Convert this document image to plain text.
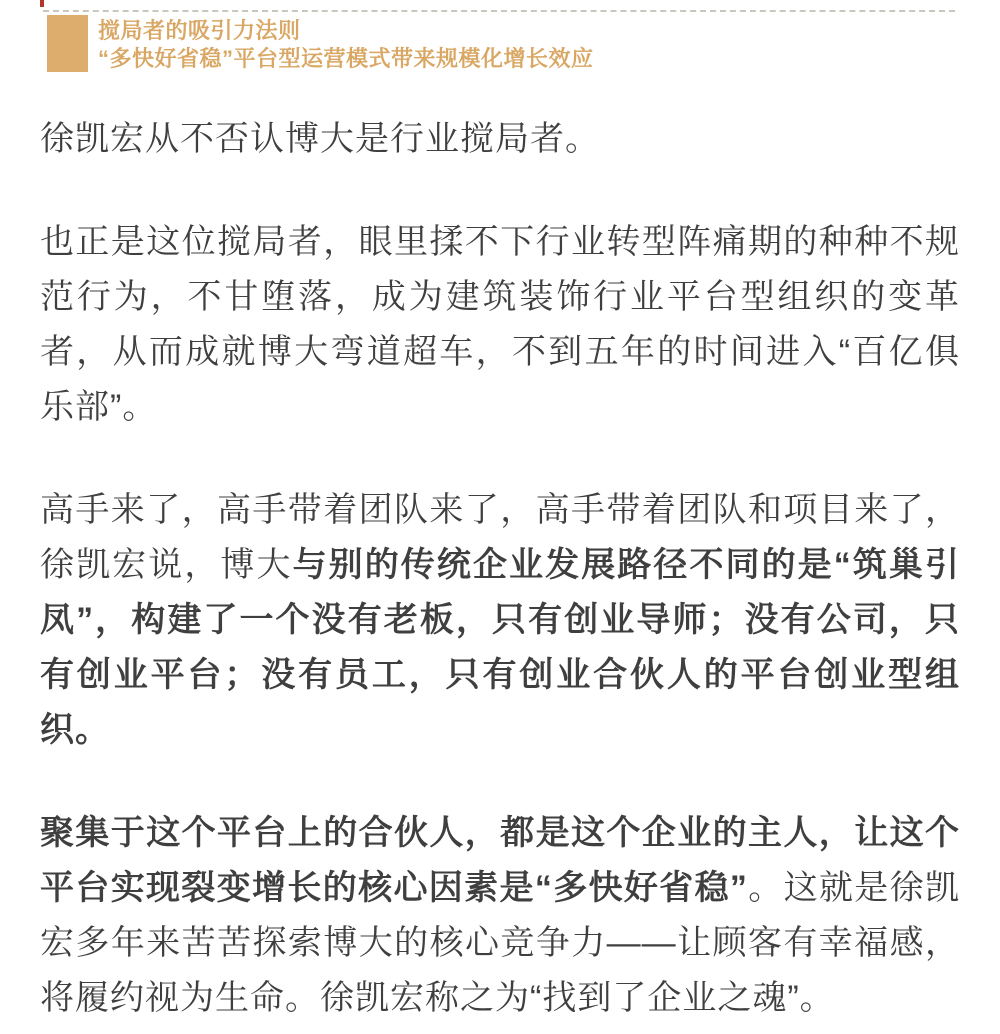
搅局者的吸引力法则
“多快好省稳”平台型运营模式带来规模化增长效应

徐凯宏从不否认博大是行业搅局者。

也正是这位搅局者，眼里揉不下行业转型阵痛期的种种不规范行为，不甘堕落，成为建筑装饰行业平台型组织的变革者，从而成就博大弯道超车，不到五年的时间进入“百亿俱乐部”。

高手来了，高手带着团队来了，高手带着团队和项目来了，徐凯宏说，博大与别的传统企业发展路径不同的是“筑巢引凤”，构建了一个没有老板，只有创业导师；没有公司，只有创业平台；没有员工，只有创业合伙人的平台创业型组织。

聚集于这个平台上的合伙人，都是这个企业的主人，让这个平台实现裂变增长的核心因素是“多快好省稳”。这就是徐凯宏多年来苦苦探索博大的核心竞争力——让顾客有幸福感，将履约视为生命。徐凯宏称之为“找到了企业之魂”。
